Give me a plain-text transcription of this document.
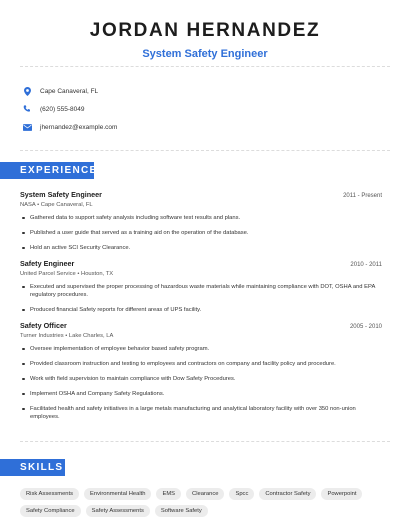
JORDAN HERNANDEZ
System Safety Engineer
Cape Canaveral, FL
(620) 555-8049
jhernandez@example.com
EXPERIENCE
System Safety Engineer	2011 - Present
NASA • Cape Canaveral, FL
Gathered data to support safety analysis including software test results and plans.
Published a user guide that served as a training aid on the operation of the database.
Hold an active SCI Security Clearance.
Safety Engineer	2010 - 2011
United Parcel Service • Houston, TX
Executed and supervised the proper processing of hazardous waste materials while maintaining compliance with DOT, OSHA and EPA regulatory procedures.
Produced financial Safety reports for different areas of UPS facility.
Safety Officer	2005 - 2010
Turner Industries • Lake Charles, LA
Oversee implementation of employee behavior based safety program.
Provided classroom instruction and testing to employees and contractors on company and facility policy and procedure.
Work with field supervision to maintain compliance with Dow Safety Procedures.
Implement OSHA and Company Safety Regulations.
Facilitated health and safety initiatives in a large metals manufacturing and analytical laboratory facility with over 350 non-union employees.
SKILLS
Risk Assessments	Environmental Health	EMS	Clearance	Spcc	Contractor Safety	Powerpoint
Safety Compliance	Safety Assessments	Software Safety
